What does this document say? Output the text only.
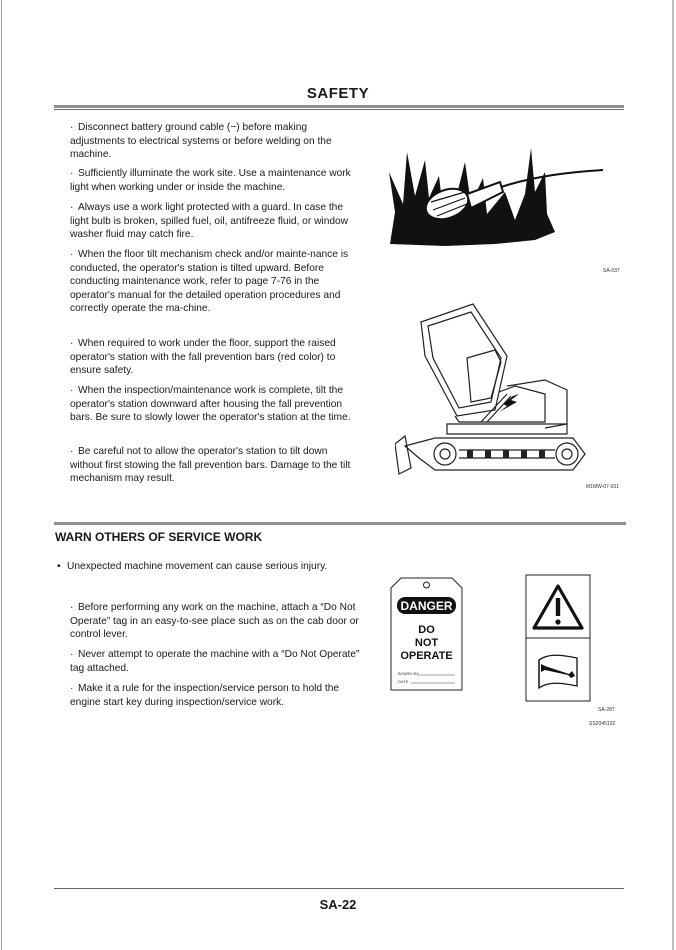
SAFETY
· Disconnect battery ground cable (−) before making adjustments to electrical systems or before welding on the machine.
· Sufficiently illuminate the work site. Use a maintenance work light when working under or inside the machine.
· Always use a work light protected with a guard. In case the light bulb is broken, spilled fuel, oil, antifreeze fluid, or window washer fluid may catch fire.
· When the floor tilt mechanism check and/or mainte-nance is conducted, the operator's station is tilted upward. Before conducting maintenance work, refer to page 7-76 in the operator's manual for the detailed operation procedures and correctly operate the ma-chine.
· When required to work under the floor, support the raised operator's station with the fall prevention bars (red color) to ensure safety.
· When the inspection/maintenance work is complete, tilt the operator's station downward after housing the fall prevention bars. Be sure to slowly lower the operator's station at the time.
· Be careful not to allow the operator's station to tilt down without first stowing the fall prevention bars. Damage to the tilt mechanism may result.
SA-037
M1MW-07-031
WARN OTHERS OF SERVICE WORK
• Unexpected machine movement can cause serious injury.
· Before performing any work on the machine, attach a “Do Not Operate” tag in an easy-to-see place such as on the cab door or control lever.
· Never attempt to operate the machine with a “Do Not Operate” tag attached.
· Make it a rule for the inspection/service person to hold the engine start key during inspection/service work.
DANGER
DO
NOT
OPERATE
BOARD BY
DATE
SA-287
SS2045102
SA-22
